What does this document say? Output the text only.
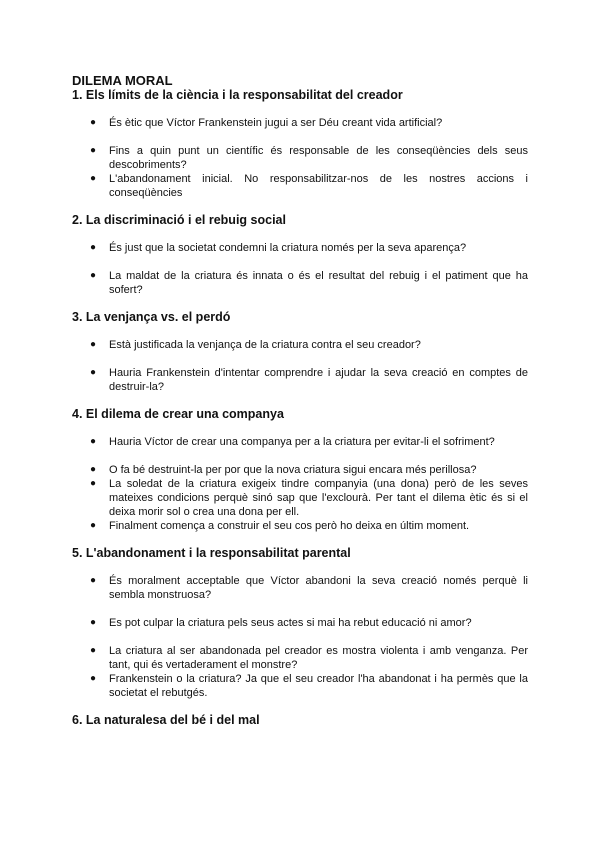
DILEMA MORAL
1. Els límits de la ciència i la responsabilitat del creador
● És ètic que Víctor Frankenstein jugui a ser Déu creant vida artificial?
● Fins a quin punt un científic és responsable de les conseqüències dels seus descobriments?
● L'abandonament inicial. No responsabilitzar-nos de les nostres accions i conseqüències
2. La discriminació i el rebuig social
● És just que la societat condemni la criatura només per la seva aparença?
● La maldat de la criatura és innata o és el resultat del rebuig i el patiment que ha sofert?
3. La venjança vs. el perdó
● Està justificada la venjança de la criatura contra el seu creador?
● Hauria Frankenstein d'intentar comprendre i ajudar la seva creació en comptes de destruir-la?
4. El dilema de crear una companya
● Hauria Víctor de crear una companya per a la criatura per evitar-li el sofriment?
● O fa bé destruint-la per por que la nova criatura sigui encara més perillosa?
● La soledat de la criatura exigeix tindre companyia (una dona) però de les seves mateixes condicions perquè sinó sap que l'exclourà. Per tant el dilema ètic és si el deixa morir sol o crea una dona per ell.
● Finalment comença a construir el seu cos però ho deixa en últim moment.
5. L'abandonament i la responsabilitat parental
● És moralment acceptable que Víctor abandoni la seva creació només perquè li sembla monstruosa?
● Es pot culpar la criatura pels seus actes si mai ha rebut educació ni amor?
● La criatura al ser abandonada pel creador es mostra violenta i amb venganza. Per tant, qui és vertaderament el monstre?
● Frankenstein o la criatura? Ja que el seu creador l'ha abandonat i ha permès que la societat el rebutgés.
6. La naturalesa del bé i del mal
